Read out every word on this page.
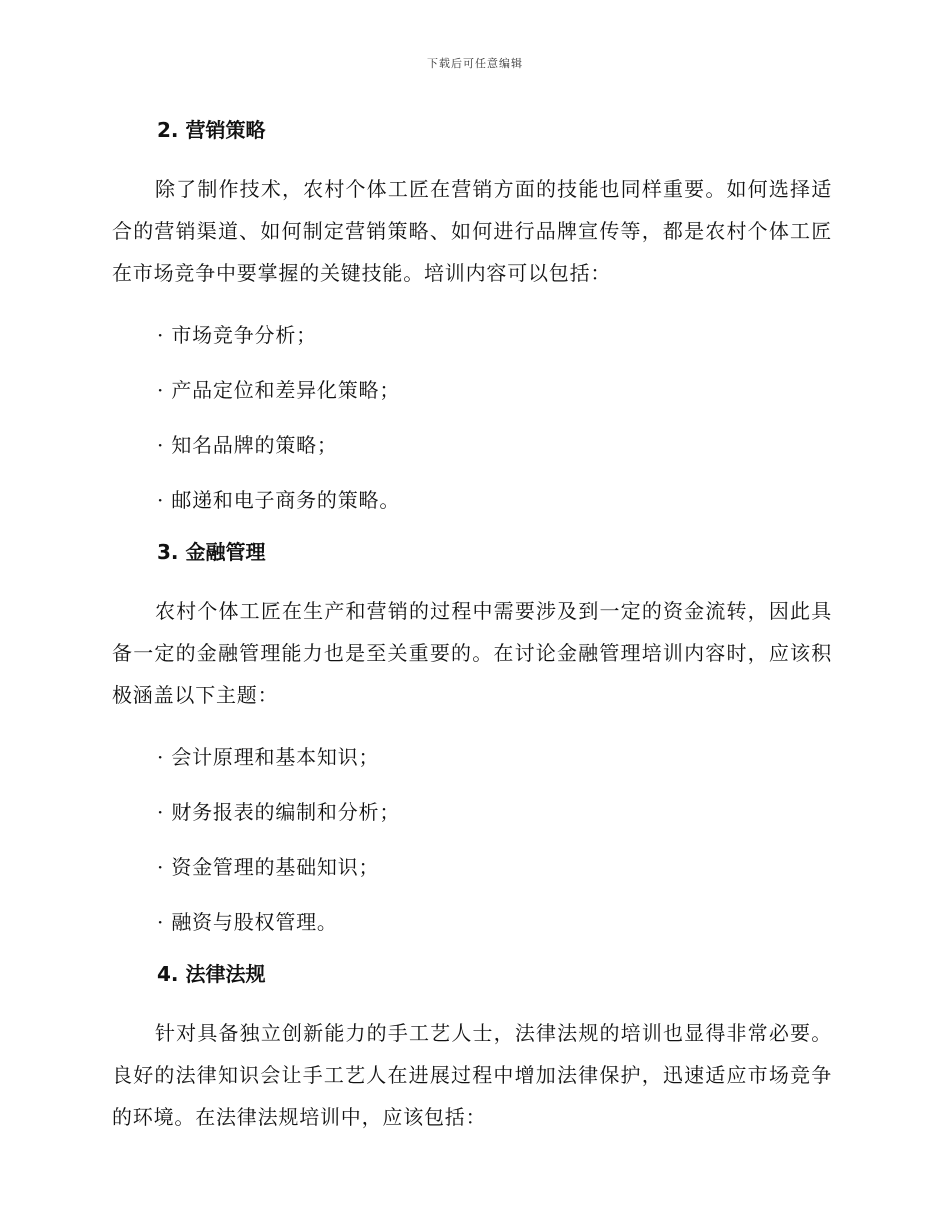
下载后可任意编辑
2. 营销策略

除了制作技术，农村个体工匠在营销方面的技能也同样重要。如何选择适合的营销渠道、如何制定营销策略、如何进行品牌宣传等，都是农村个体工匠在市场竞争中要掌握的关键技能。培训内容可以包括：

· 市场竞争分析；

· 产品定位和差异化策略；

· 知名品牌的策略；

· 邮递和电子商务的策略。

3. 金融管理

农村个体工匠在生产和营销的过程中需要涉及到一定的资金流转，因此具备一定的金融管理能力也是至关重要的。在讨论金融管理培训内容时，应该积极涵盖以下主题：

· 会计原理和基本知识；

· 财务报表的编制和分析；

· 资金管理的基础知识；

· 融资与股权管理。

4. 法律法规

针对具备独立创新能力的手工艺人士，法律法规的培训也显得非常必要。良好的法律知识会让手工艺人在进展过程中增加法律保护，迅速适应市场竞争的环境。在法律法规培训中，应该包括：
